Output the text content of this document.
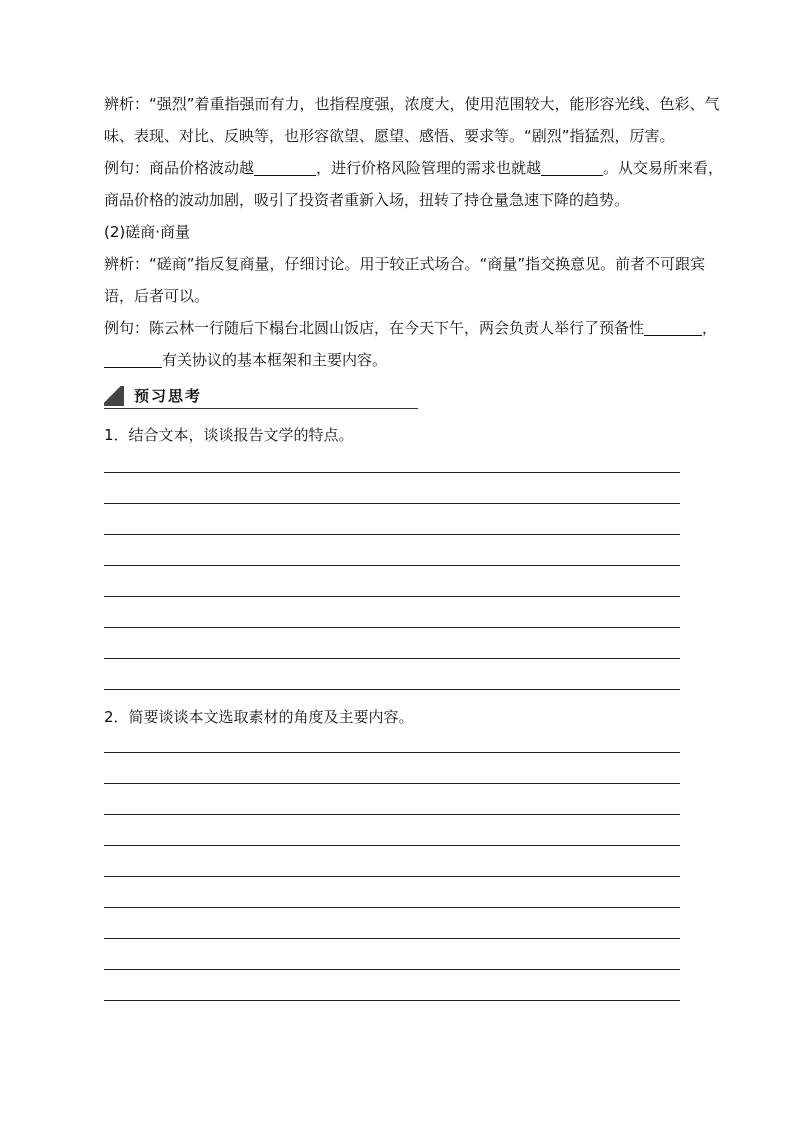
辨析：“强烈”着重指强而有力，也指程度强，浓度大，使用范围较大，能形容光线、色彩、气味、表现、对比、反映等，也形容欲望、愿望、感悟、要求等。“剧烈”指猛烈，厉害。

例句：商品价格波动越	，进行价格风险管理的需求也就越	。从交易所来看，商品价格的波动加剧，吸引了投资者重新入场，扭转了持仓量急速下降的趋势。

(2)磋商·商量

辨析：“磋商”指反复商量，仔细讨论。用于较正式场合。“商量”指交换意见。前者不可跟宾语，后者可以。

例句：陈云林一行随后下榻台北圆山饭店，在今天下午，两会负责人举行了预备性	，有关协议的基本框架和主要内容。

预习思考
1．结合文本，谈谈报告文学的特点。
2．简要谈谈本文选取素材的角度及主要内容。
